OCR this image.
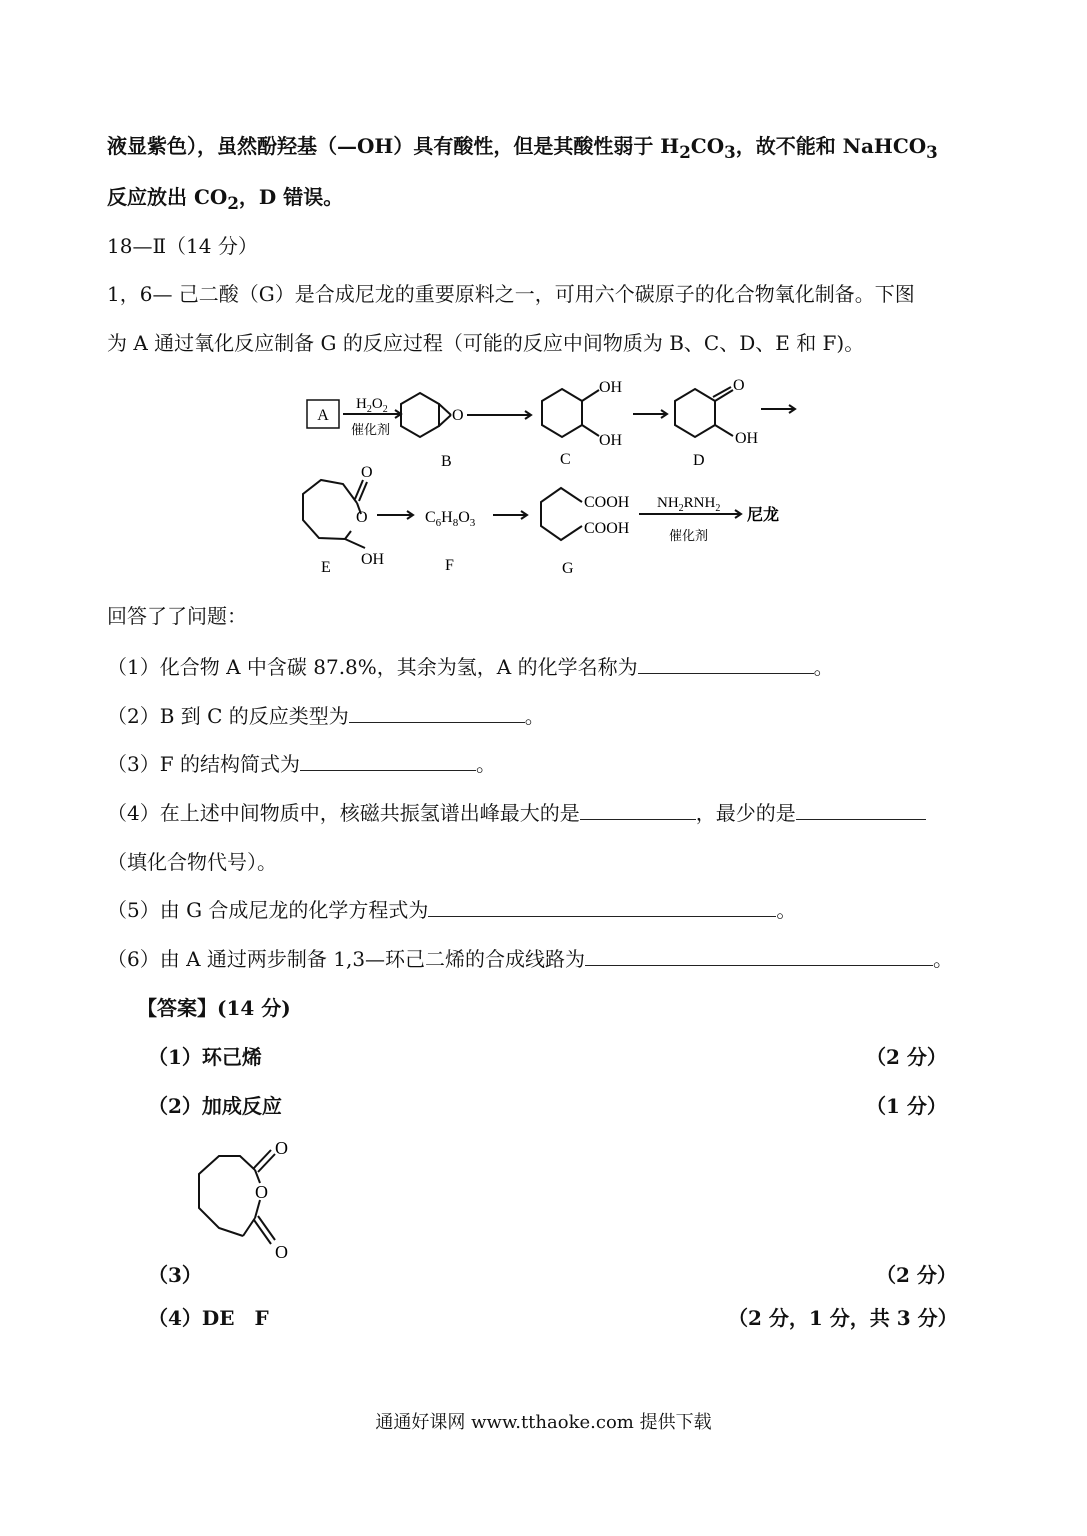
液显紫色），虽然酚羟基（—OH）具有酸性，但是其酸性弱于 $H_2CO_3$，故不能和 NaHCO$_3$
反应放出 $CO_2$，D 错误。
18—Ⅱ（14 分）
1，6— 己二酸（G）是合成尼龙的重要原料之一，可用六个碳原子的化合物氧化制备。下图
为 A 通过氧化反应制备 G 的反应过程（可能的反应中间物质为 B、C、D、E 和 F)。
A
$H_2O_2$
催化剂
O
B
OH
OH
C
O
OH
D
O
O
OH
E
$C_6H_8O_3$
F
COOH
COOH
G
$NH_2RNH_2$
催化剂
尼龙
回答了了问题：
（1）化合物 A 中含碳 87.8%，其余为氢，A 的化学名称为	。
（2）B 到 C 的反应类型为	。
（3）F 的结构简式为	。
（4）在上述中间物质中，核磁共振氢谱出峰最大的是	，最少的是
（填化合物代号）。
（5）由 G 合成尼龙的化学方程式为	。
（6）由 A 通过两步制备 1,3—环己二烯的合成线路为	。
【答案】(14 分)
（1）环己烯	（2 分）
（2）加成反应	（1 分）
O
O
O
（3）	（2 分）
（4）DE　F	（2 分，1 分，共 3 分）
通通好课网 www.tthaoke.com 提供下载
